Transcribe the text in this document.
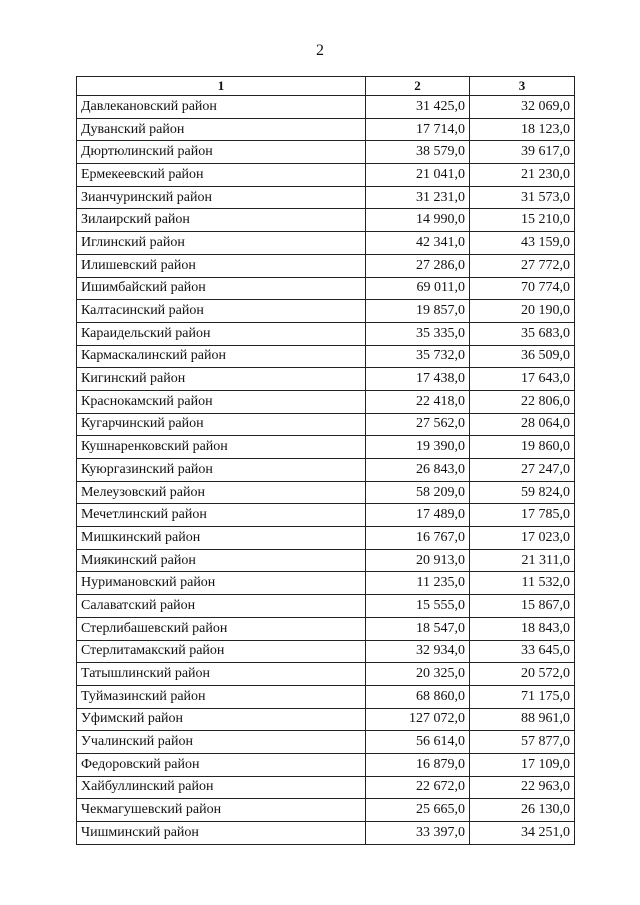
2
1	2	3
Давлекановский район	31 425,0	32 069,0
Дуванский район	17 714,0	18 123,0
Дюртюлинский район	38 579,0	39 617,0
Ермекеевский район	21 041,0	21 230,0
Зианчуринский район	31 231,0	31 573,0
Зилаирский район	14 990,0	15 210,0
Иглинский район	42 341,0	43 159,0
Илишевский район	27 286,0	27 772,0
Ишимбайский район	69 011,0	70 774,0
Калтасинский район	19 857,0	20 190,0
Караидельский район	35 335,0	35 683,0
Кармаскалинский район	35 732,0	36 509,0
Кигинский район	17 438,0	17 643,0
Краснокамский район	22 418,0	22 806,0
Кугарчинский район	27 562,0	28 064,0
Кушнаренковский район	19 390,0	19 860,0
Куюргазинский район	26 843,0	27 247,0
Мелеузовский район	58 209,0	59 824,0
Мечетлинский район	17 489,0	17 785,0
Мишкинский район	16 767,0	17 023,0
Миякинский район	20 913,0	21 311,0
Нуримановский район	11 235,0	11 532,0
Салаватский район	15 555,0	15 867,0
Стерлибашевский район	18 547,0	18 843,0
Стерлитамакский район	32 934,0	33 645,0
Татышлинский район	20 325,0	20 572,0
Туймазинский район	68 860,0	71 175,0
Уфимский район	127 072,0	88 961,0
Учалинский район	56 614,0	57 877,0
Федоровский район	16 879,0	17 109,0
Хайбуллинский район	22 672,0	22 963,0
Чекмагушевский район	25 665,0	26 130,0
Чишминский район	33 397,0	34 251,0
